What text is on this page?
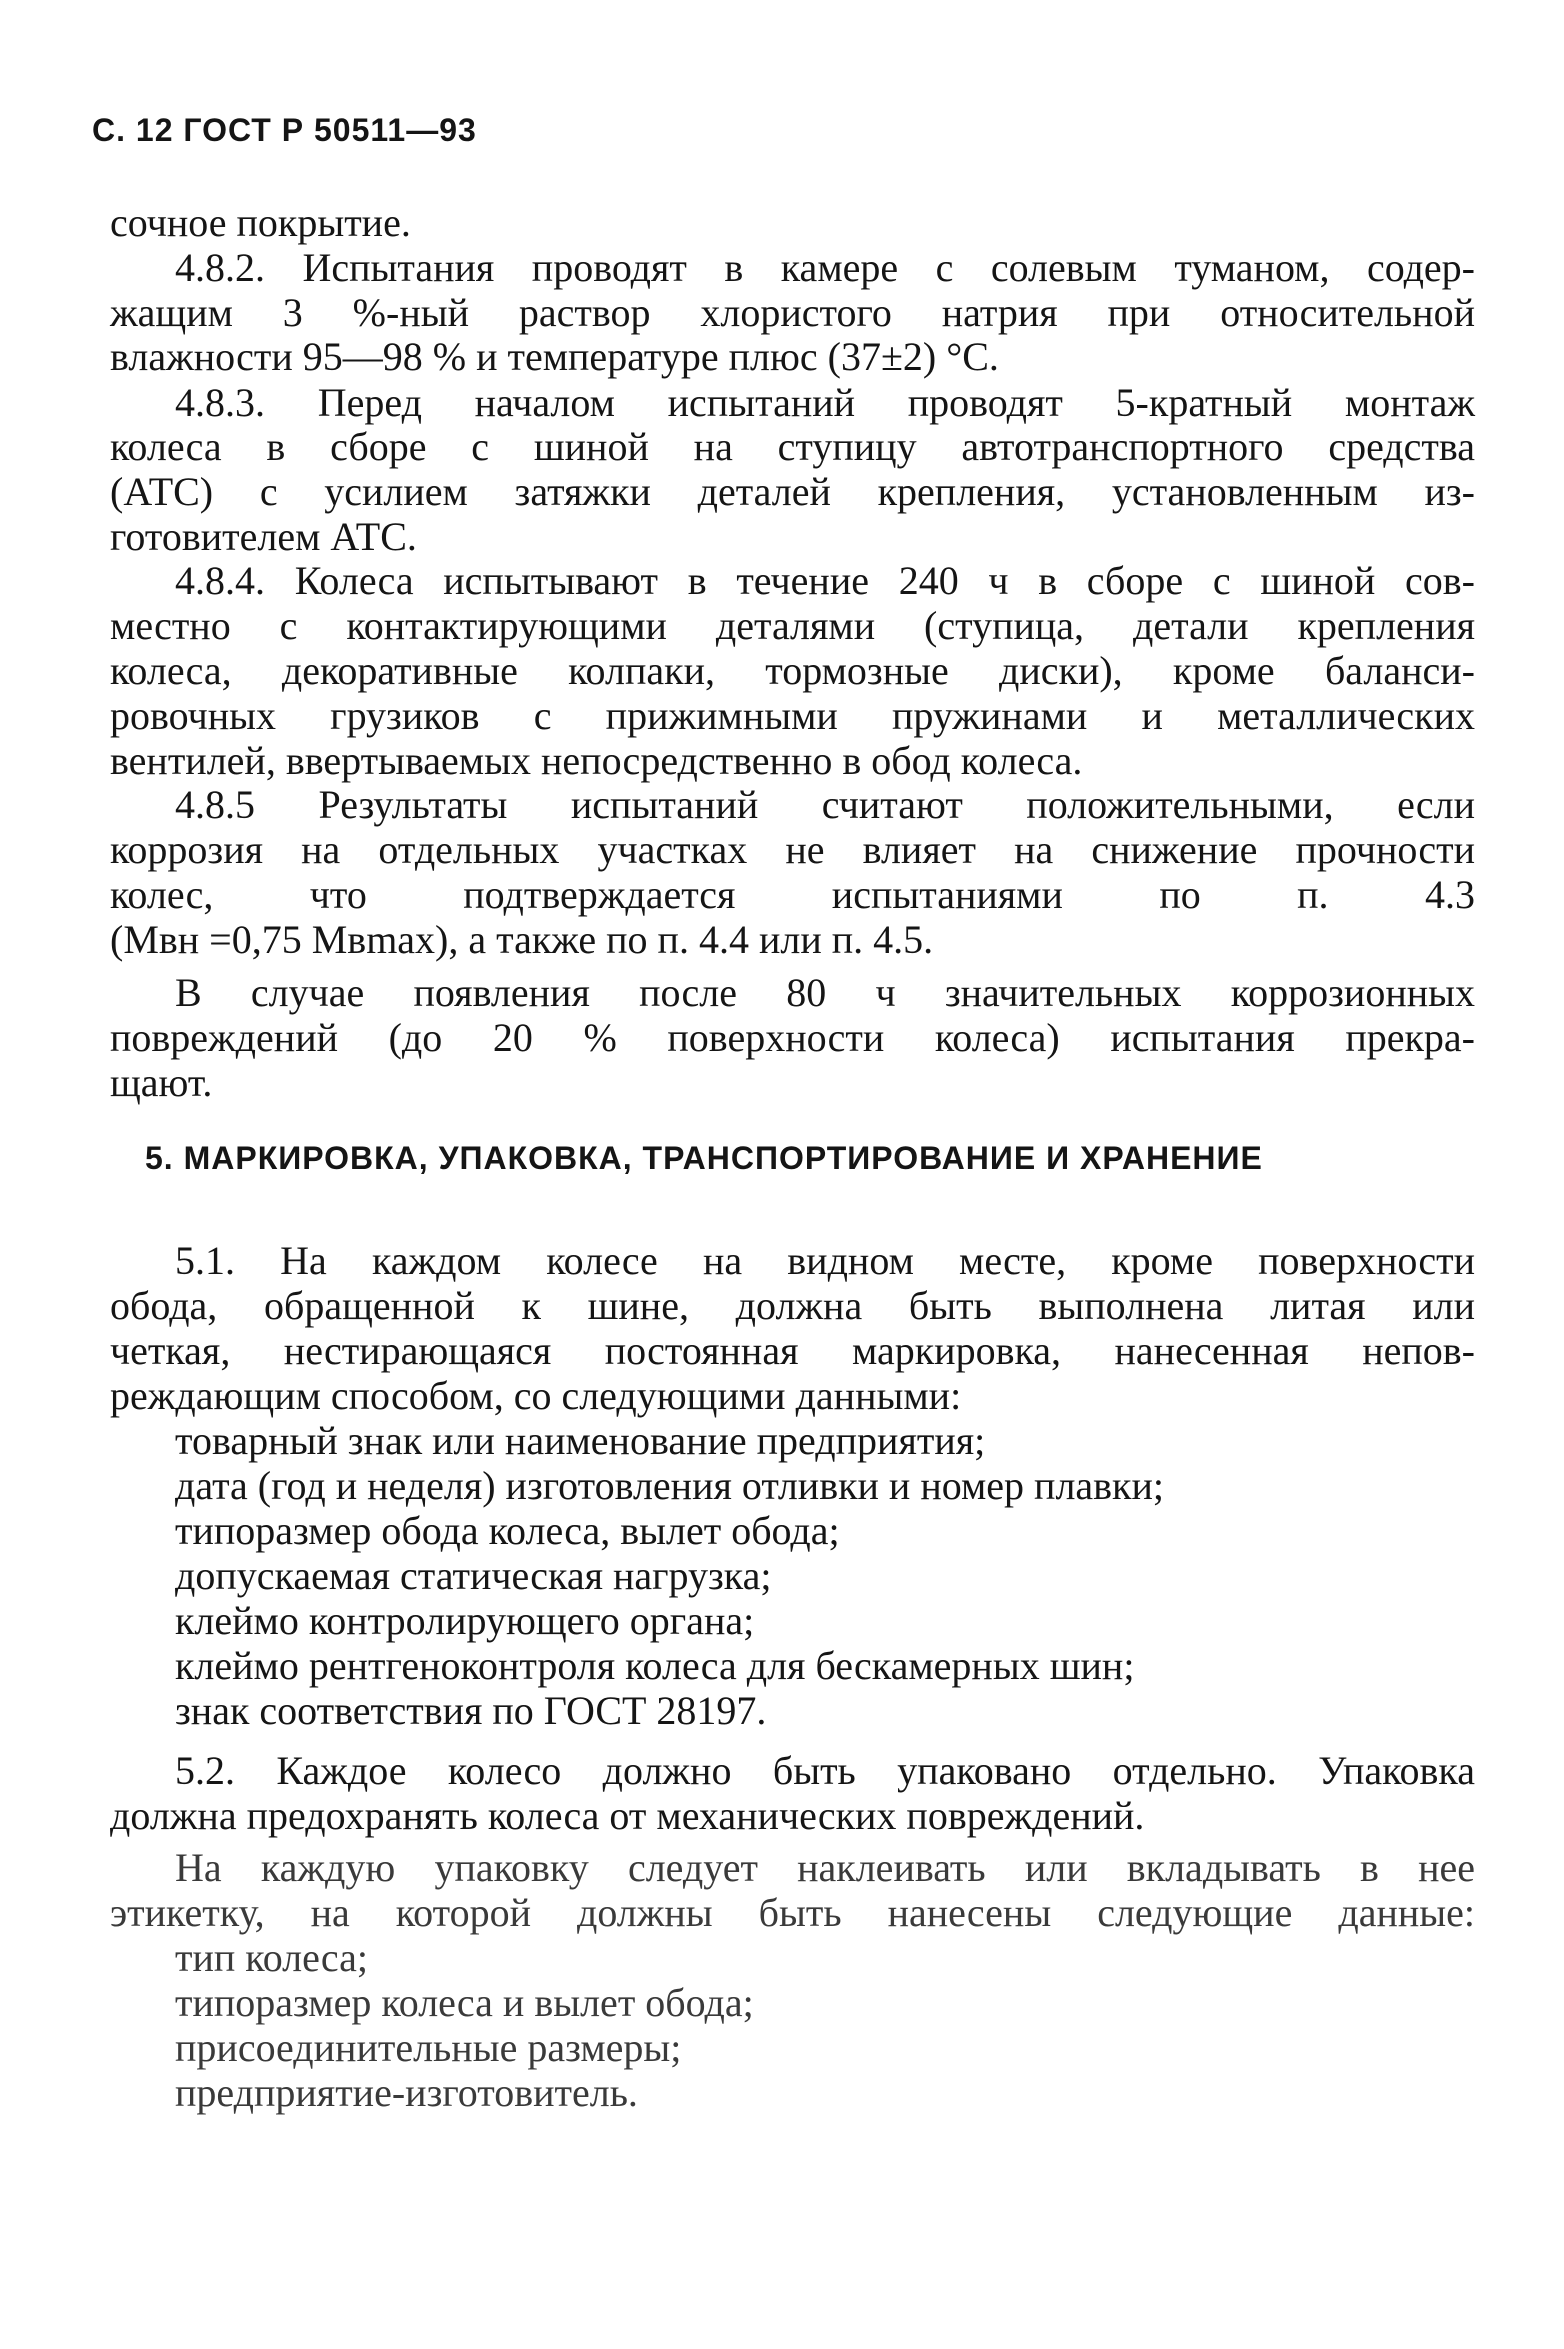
С. 12 ГОСТ Р 50511—93
сочное покрытие.
4.8.2. Испытания проводят в камере с солевым туманом, содер-
жащим 3 %-ный раствор хлористого натрия при относительной
влажности 95—98 % и температуре плюс (37±2) °С.
4.8.3. Перед началом испытаний проводят 5-кратный монтаж
колеса в сборе с шиной на ступицу автотранспортного средства
(АТС) с усилием затяжки деталей крепления, установленным из-
готовителем АТС.
4.8.4. Колеса испытывают в течение 240 ч в сборе с шиной сов-
местно с контактирующими деталями (ступица, детали крепления
колеса, декоративные колпаки, тормозные диски), кроме баланси-
ровочных грузиков с прижимными пружинами и металлических
вентилей, ввертываемых непосредственно в обод колеса.
4.8.5 Результаты испытаний считают положительными, если
коррозия на отдельных участках не влияет на снижение прочности
колес, что подтверждается испытаниями по п. 4.3
(Mвн =0,75 Mвmax), а также по п. 4.4 или п. 4.5.
В случае появления после 80 ч значительных коррозионных
повреждений (до 20 % поверхности колеса) испытания прекра-
щают.
5. МАРКИРОВКА, УПАКОВКА, ТРАНСПОРТИРОВАНИЕ И ХРАНЕНИЕ
5.1. На каждом колесе на видном месте, кроме поверхности
обода, обращенной к шине, должна быть выполнена литая или
четкая, нестирающаяся постоянная маркировка, нанесенная непов-
реждающим способом, со следующими данными:
товарный знак или наименование предприятия;
дата (год и неделя) изготовления отливки и номер плавки;
типоразмер обода колеса, вылет обода;
допускаемая статическая нагрузка;
клеймо контролирующего органа;
клеймо рентгеноконтроля колеса для бескамерных шин;
знак соответствия по ГОСТ 28197.
5.2. Каждое колесо должно быть упаковано отдельно. Упаковка
должна предохранять колеса от механических повреждений.
На каждую упаковку следует наклеивать или вкладывать в нее
этикетку, на которой должны быть нанесены следующие данные:
тип колеса;
типоразмер колеса и вылет обода;
присоединительные размеры;
предприятие-изготовитель.
